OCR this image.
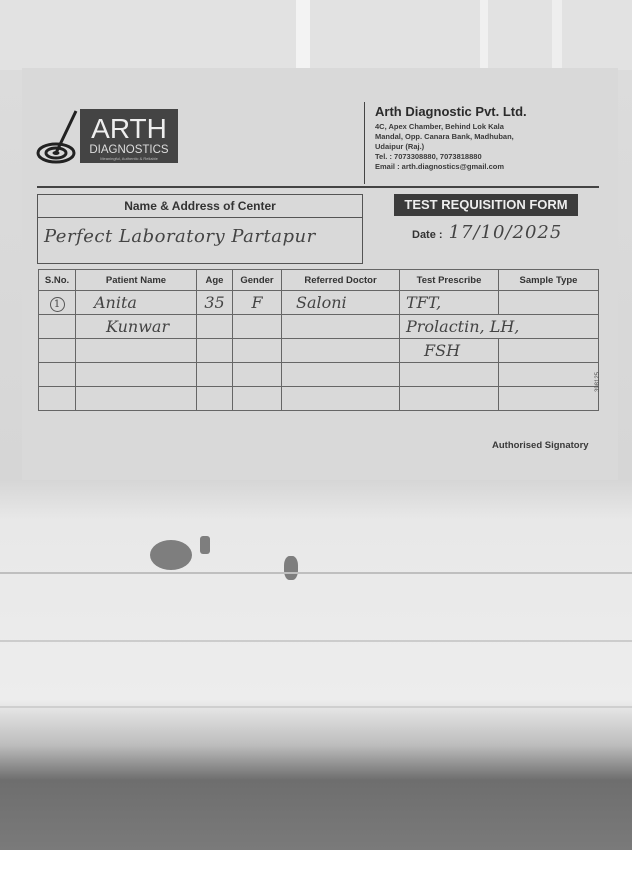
ARTH
DIAGNOSTICS
Meaningful, Authentic & Reliable
Arth Diagnostic Pvt. Ltd.
4C, Apex Chamber, Behind Lok Kala
Mandal, Opp. Canara Bank, Madhuban,
Udaipur (Raj.)
Tel. : 7073308880, 7073818880
Email : arth.diagnostics@gmail.com
Name & Address of Center
Perfect Laboratory Partapur
TEST REQUISITION FORM
Date : 17/10/2025
S.No.	Patient Name	Age	Gender	Referred Doctor	Test Prescribe	Sample Type
1	Anita	35	F	Saloni	TFT,	
	Kunwar				Prolactin, LH,	
					FSH	

398125
Authorised Signatory
